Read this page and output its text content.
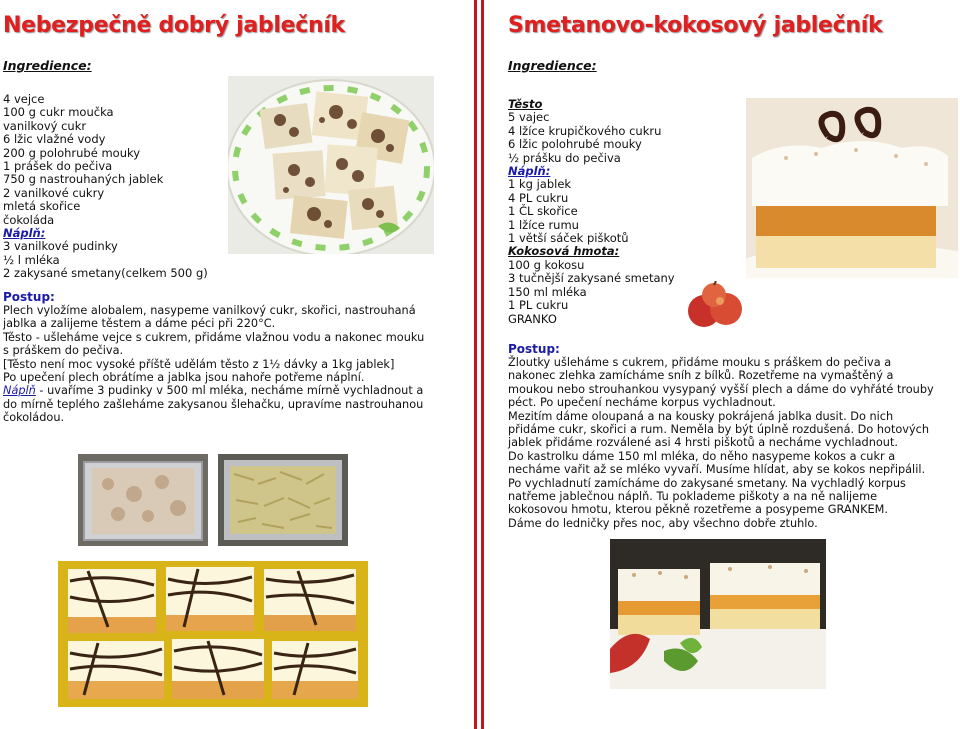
Nebezpečně dobrý jablečník
Ingredience:
4 vejce
100 g cukr moučka
vanilkový cukr
6 lžic vlažné vody
200 g polohrubé mouky
1 prášek do pečiva
750 g nastrouhaných jablek
2 vanilkové cukry
mletá skořice
čokoláda
Náplň:
3 vanilkové pudinky
½ l mléka
2 zakysané smetany(celkem 500 g)
Postup:

Plech vyložíme alobalem, nasypeme vanilkový cukr, skořici, nastrouhaná jablka a zalijeme těstem a dáme péci při 220°C.

Těsto - ušleháme vejce s cukrem, přidáme vlažnou vodu a nakonec mouku s práškem do pečiva.

[Těsto není moc vysoké příště udělám těsto z 1½ dávky a 1kg jablek]

Po upečení plech obrátíme a jablka jsou nahoře potřeme náplní.

Náplň - uvaříme 3 pudinky v 500 ml mléka, necháme mírně vychladnout a do mírně teplého zašleháme zakysanou šlehačku, upravíme nastrouhanou čokoládou.

Smetanovo-kokosový jablečník
Ingredience:
Těsto
5 vajec
4 lžíce krupičkového cukru
6 lžic polohrubé mouky
½ prášku do pečiva
Náplň:
1 kg jablek
4 PL cukru
1 ČL skořice
1 lžíce rumu
1 větší sáček piškotů
Kokosová hmota:
100 g kokosu
3 tučnější zakysané smetany
150 ml mléka
1 PL cukru
GRANKO
Postup:

Žloutky ušleháme s cukrem, přidáme mouku s práškem do pečiva a nakonec zlehka zamícháme sníh z bílků. Rozetřeme na vymaštěný a moukou nebo strouhankou vysypaný vyšší plech a dáme do vyhřáté trouby péct. Po upečení necháme korpus vychladnout.

Mezitím dáme oloupaná a na kousky pokrájená jablka dusit. Do nich přidáme cukr, skořici a rum. Neměla by být úplně rozdušená. Do hotových jablek přidáme rozválené asi 4 hrsti piškotů a necháme vychladnout.

Do kastrolku dáme 150 ml mléka, do něho nasypeme kokos a cukr a necháme vařit až se mléko vyvaří. Musíme hlídat, aby se kokos nepřipálil. Po vychladnutí zamícháme do zakysané smetany. Na vychladlý korpus natřeme jablečnou náplň. Tu poklademe piškoty a na ně nalijeme kokosovou hmotu, kterou pěkně rozetřeme a posypeme GRANKEM.

Dáme do ledničky přes noc, aby všechno dobře ztuhlo.
